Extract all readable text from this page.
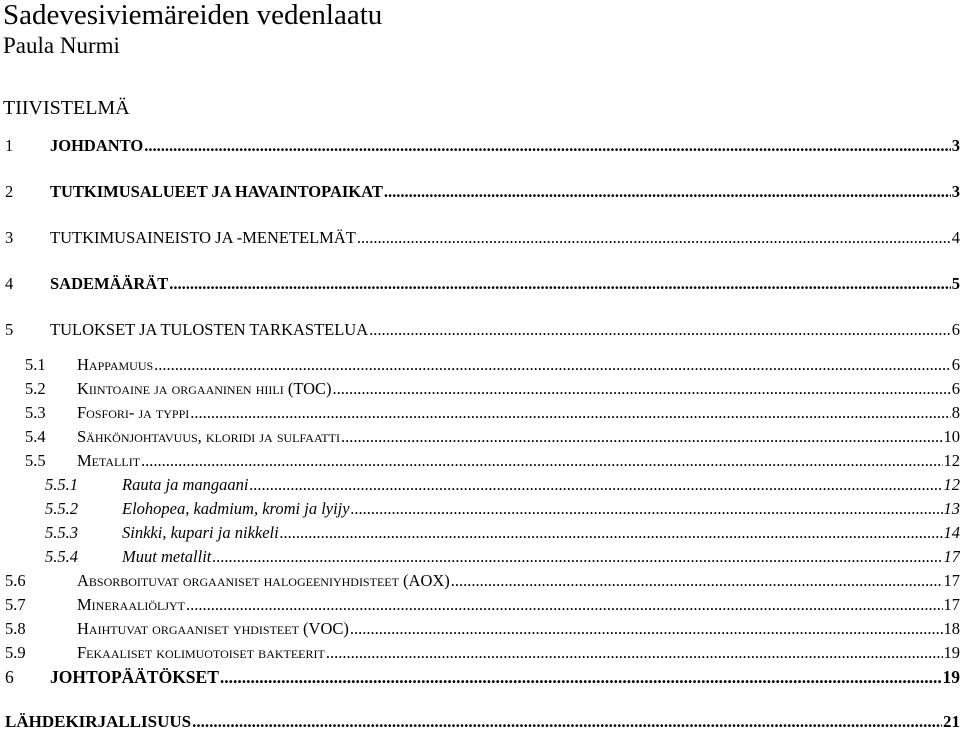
Sadevesiviemäreiden vedenlaatu
Paula Nurmi
TIIVISTELMÄ
1	JOHDANTO .....	3
2	TUTKIMUSALUEET JA HAVAINTOPAIKAT .....	3
3	TUTKIMUSAINEISTO JA -MENETELMÄT .....	4
4	SADEMÄÄRÄT .....	5
5	TULOKSET JA TULOSTEN TARKASTELUA .....	6
5.1	Happamuus .....	6
5.2	Kiintoaine ja orgaaninen hiili (TOC) .....	6
5.3	Fosfori- ja typpi .....	8
5.4	Sähkönjohtavuus, kloridi ja sulfaatti .....	10
5.5	Metallit .....	12
5.5.1	Rauta ja mangaani .....	12
5.5.2	Elohopea, kadmium, kromi ja lyijy .....	13
5.5.3	Sinkki, kupari ja nikkeli .....	14
5.5.4	Muut metallit .....	17
5.6	Absorboituvat orgaaniset halogeeniyhdisteet (AOX) .....	17
5.7	Mineraaliöljyt .....	17
5.8	Haihtuvat orgaaniset yhdisteet (VOC) .....	18
5.9	Fekaaliset kolimuotoiset bakteerit .....	19
6	JOHTOPÄÄTÖKSET .....	19
LÄHDEKIRJALLISUUS .....	21
